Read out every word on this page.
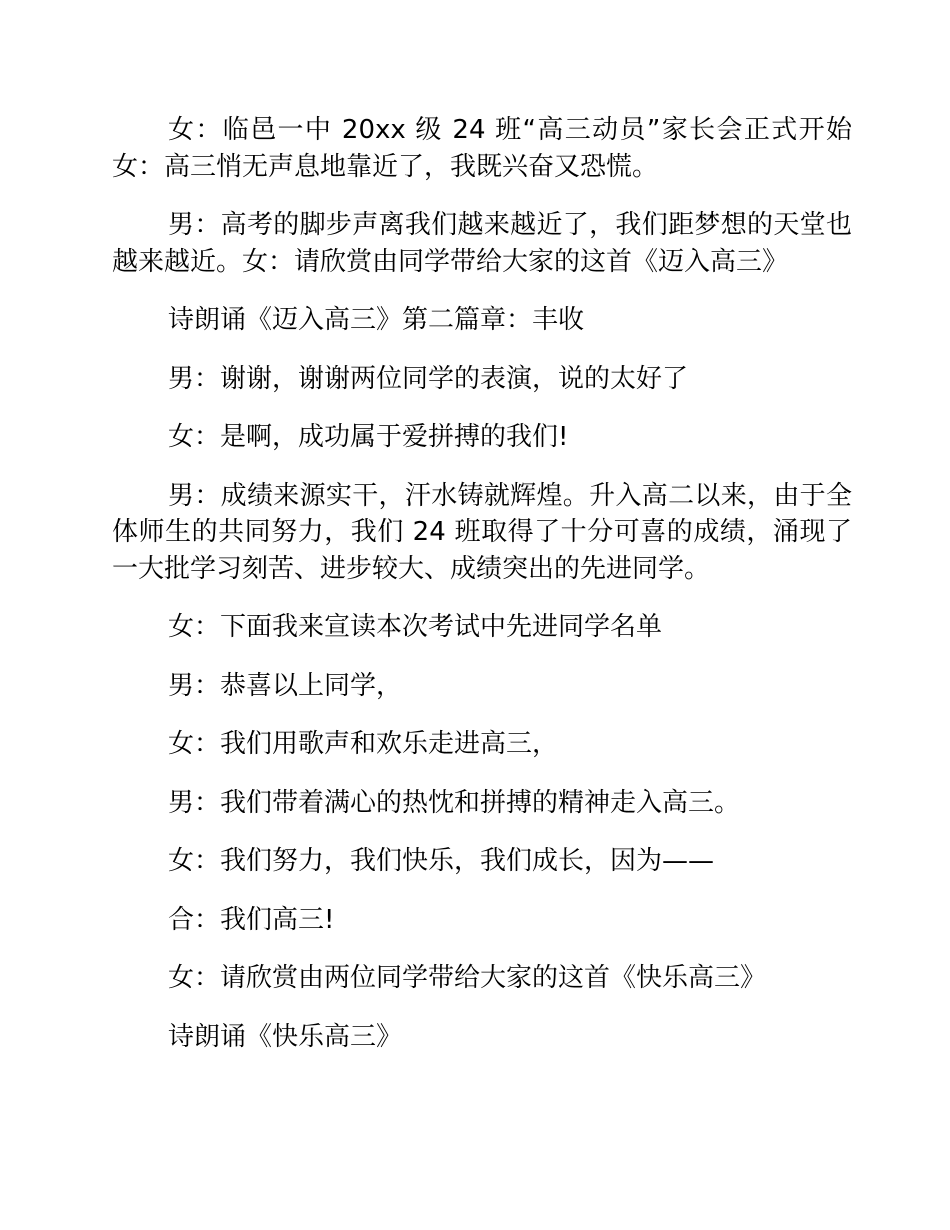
女：临邑一中 20xx 级 24 班“高三动员”家长会正式开始女：高三悄无声息地靠近了，我既兴奋又恐慌。

男：高考的脚步声离我们越来越近了，我们距梦想的天堂也越来越近。女：请欣赏由同学带给大家的这首《迈入高三》

诗朗诵《迈入高三》第二篇章：丰收

男：谢谢，谢谢两位同学的表演，说的太好了

女：是啊，成功属于爱拼搏的我们!

男：成绩来源实干，汗水铸就辉煌。升入高二以来，由于全体师生的共同努力，我们 24 班取得了十分可喜的成绩，涌现了一大批学习刻苦、进步较大、成绩突出的先进同学。

女：下面我来宣读本次考试中先进同学名单

男：恭喜以上同学，

女：我们用歌声和欢乐走进高三，

男：我们带着满心的热忱和拼搏的精神走入高三。

女：我们努力，我们快乐，我们成长，因为——

合：我们高三!

女：请欣赏由两位同学带给大家的这首《快乐高三》

诗朗诵《快乐高三》
